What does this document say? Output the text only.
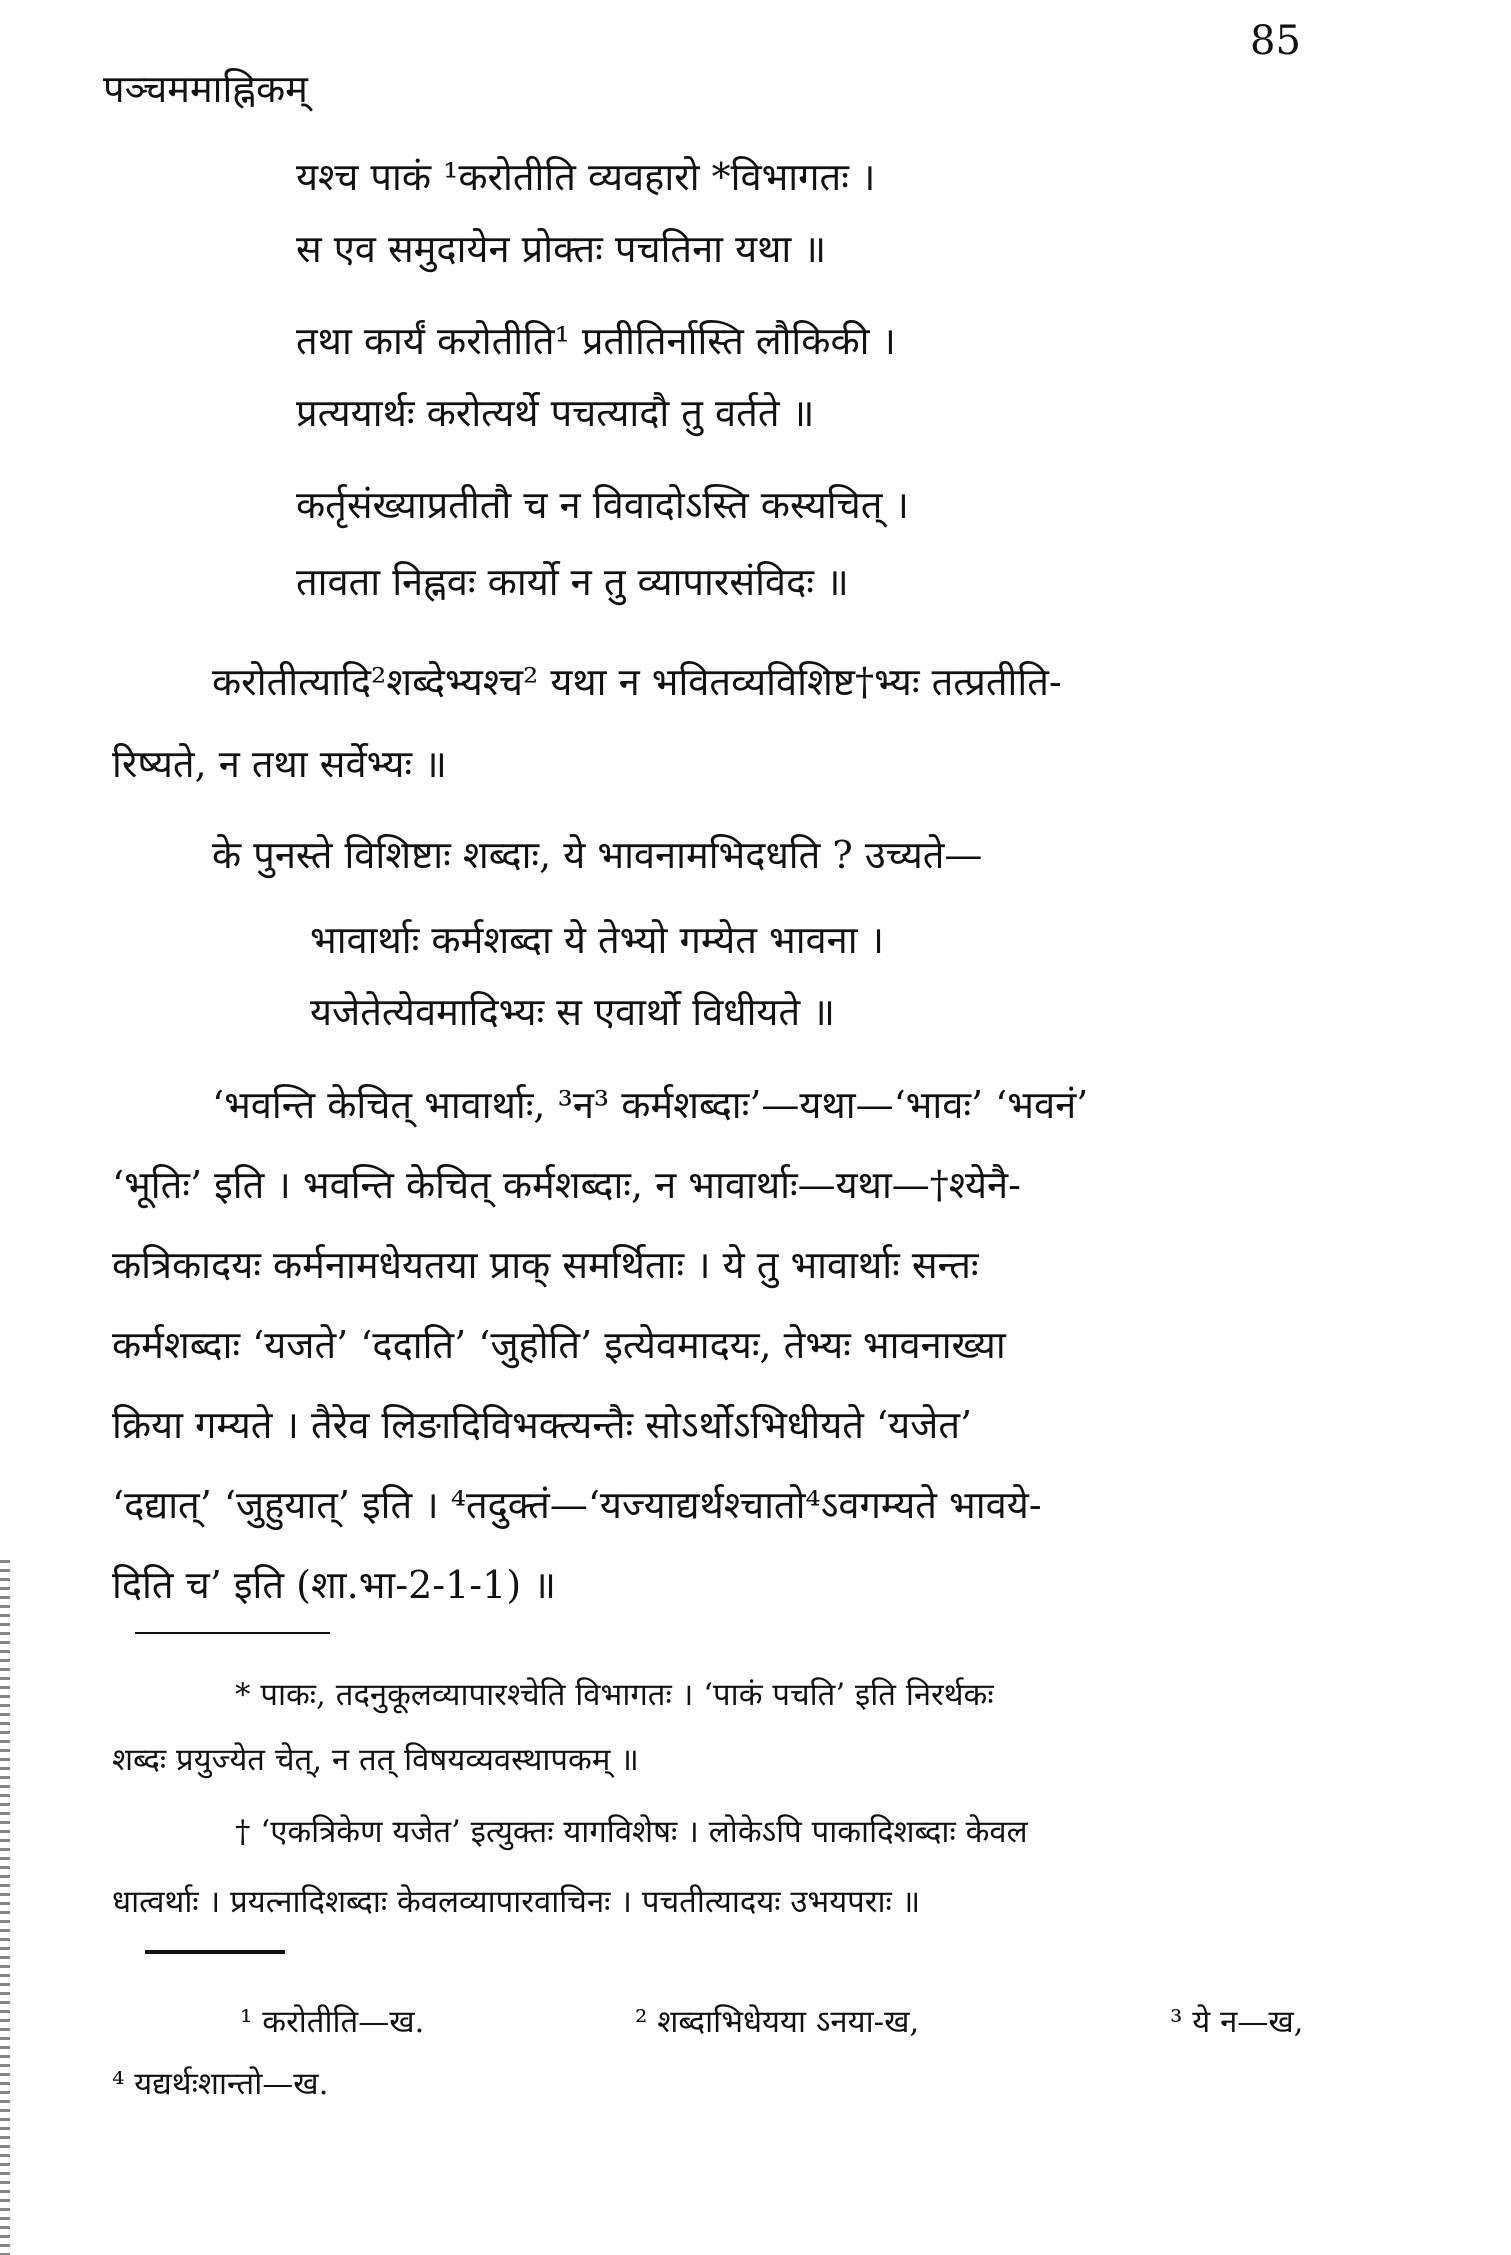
85
पञ्चममाह्निकम्
यश्च पाकं ¹करोतीति व्यवहारो *विभागतः ।
स एव समुदायेन प्रोक्तः पचतिना यथा ॥
तथा कार्यं करोतीति¹ प्रतीतिर्नास्ति लौकिकी ।
प्रत्ययार्थः करोत्यर्थे पचत्यादौ तु वर्तते ॥
कर्तृसंख्याप्रतीतौ च न विवादोऽस्ति कस्यचित् ।
तावता निह्नवः कार्यो न तु व्यापारसंविदः ॥
करोतीत्यादि²शब्देभ्यश्च² यथा न भवितव्यविशिष्ट†भ्यः तत्प्रतीति-
रिष्यते, न तथा सर्वेभ्यः ॥
के पुनस्ते विशिष्टाः शब्दाः, ये भावनामभिदधति ? उच्यते—
भावार्थाः कर्मशब्दा ये तेभ्यो गम्येत भावना ।
यजेतेत्येवमादिभ्यः स एवार्थो विधीयते ॥
‘भवन्ति केचित् भावार्थाः, ³न³ कर्मशब्दाः’—यथा—‘भावः’ ‘भवनं’
‘भूतिः’ इति । भवन्ति केचित् कर्मशब्दाः, न भावार्थाः—यथा—†श्येनै-
कत्रिकादयः कर्मनामधेयतया प्राक् समर्थिताः । ये तु भावार्थाः सन्तः
कर्मशब्दाः ‘यजते’ ‘ददाति’ ‘जुहोति’ इत्येवमादयः, तेभ्यः भावनाख्या
क्रिया गम्यते । तैरेव लिङादिविभक्त्यन्तैः सोऽर्थोऽभिधीयते ‘यजेत’
‘दद्यात्’ ‘जुहुयात्’ इति । ⁴तदुक्तं—‘यज्याद्यर्थश्चातो⁴ऽवगम्यते भावये-
दिति च’ इति (शा.भा-2-1-1) ॥
* पाकः, तदनुकूलव्यापारश्चेति विभागतः । ‘पाकं पचति’ इति निरर्थकः
शब्दः प्रयुज्येत चेत्, न तत् विषयव्यवस्थापकम् ॥
† ‘एकत्रिकेण यजेत’ इत्युक्तः यागविशेषः । लोकेऽपि पाकादिशब्दाः केवल
धात्वर्थाः । प्रयत्नादिशब्दाः केवलव्यापारवाचिनः । पचतीत्यादयः उभयपराः ॥
¹ करोतीति—ख.	² शब्दाभिधेयया ऽनया-ख,	³ ये न—ख,
⁴ यद्यर्थःशान्तो—ख.
